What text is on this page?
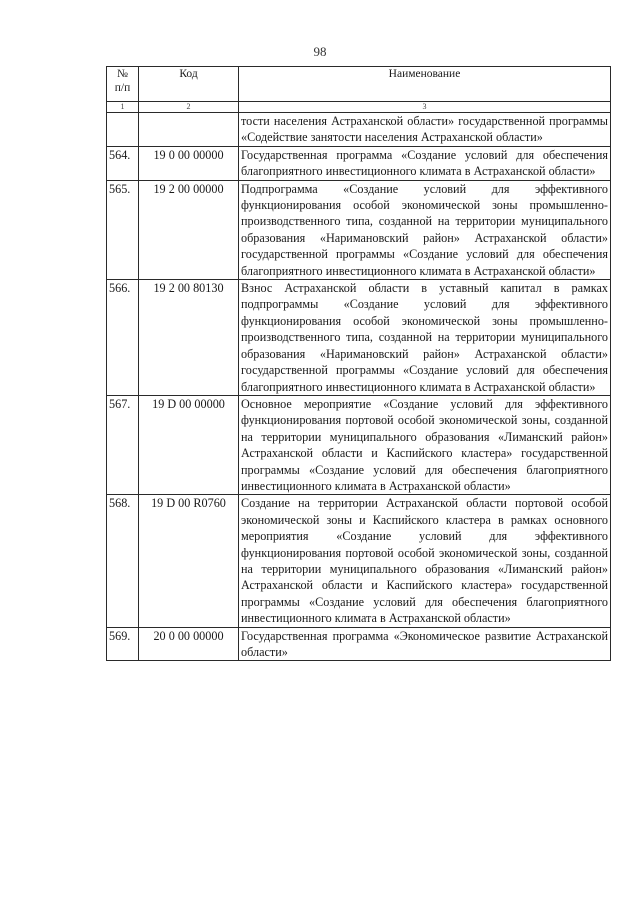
98
№
п/п	Код	Наименование
1	2	3
		тости населения Астраханской области» государственной программы «Содействие занятости населения Астраханской области»
564.	19 0 00 00000	Государственная программа «Создание условий для обеспечения благоприятного инвестиционного климата в Астраханской области»
565.	19 2 00 00000	Подпрограмма «Создание условий для эффективного функционирования особой экономической зоны промышленно-производственного типа, созданной на территории муниципального образования «Наримановский район» Астраханской области» государственной программы «Создание условий для обеспечения благоприятного инвестиционного климата в Астраханской области»
566.	19 2 00 80130	Взнос Астраханской области в уставный капитал в рамках подпрограммы «Создание условий для эффективного функционирования особой экономической зоны промышленно-производственного типа, созданной на территории муниципального образования «Наримановский район» Астраханской области» государственной программы «Создание условий для обеспечения благоприятного инвестиционного климата в Астраханской области»
567.	19 D 00 00000	Основное мероприятие «Создание условий для эффективного функционирования портовой особой экономической зоны, созданной на территории муниципального образования «Лиманский район» Астраханской области и Каспийского кластера» государственной программы «Создание условий для обеспечения благоприятного инвестиционного климата в Астраханской области»
568.	19 D 00 R0760	Создание на территории Астраханской области портовой особой экономической зоны и Каспийского кластера в рамках основного мероприятия «Создание условий для эффективного функционирования портовой особой экономической зоны, созданной на территории муниципального образования «Лиманский район» Астраханской области и Каспийского кластера» государственной программы «Создание условий для обеспечения благоприятного инвестиционного климата в Астраханской области»
569.	20 0 00 00000	Государственная программа «Экономическое развитие Астраханской области»
